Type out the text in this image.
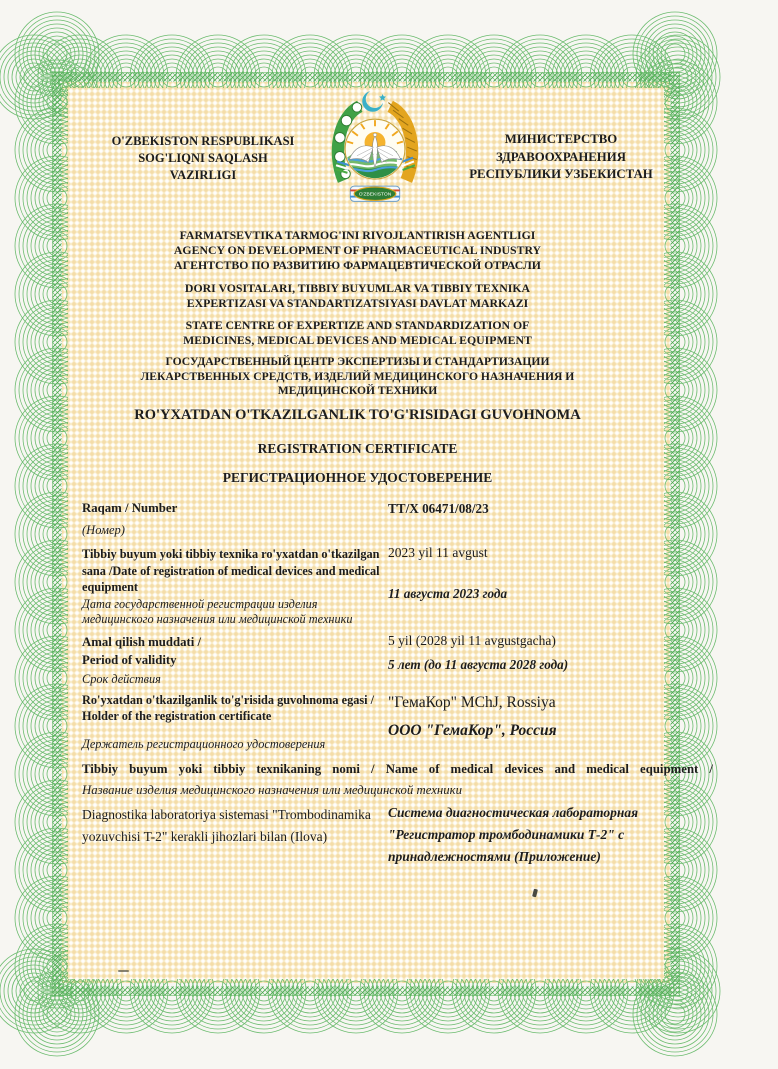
O'ZBEKISTON RESPUBLIKASI
SOG'LIQNI SAQLASH
VAZIRLIGI
O'ZBEKISTON
МИНИСТЕРСТВО
ЗДРАВООХРАНЕНИЯ
РЕСПУБЛИКИ УЗБЕКИСТАН
FARMATSEVTIKA TARMOG'INI RIVOJLANTIRISH AGENTLIGI
AGENCY ON DEVELOPMENT OF PHARMACEUTICAL INDUSTRY
АГЕНТСТВО ПО РАЗВИТИЮ ФАРМАЦЕВТИЧЕСКОЙ ОТРАСЛИ
DORI VOSITALARI, TIBBIY BUYUMLAR VA TIBBIY TEXNIKA
EXPERTIZASI VA STANDARTIZATSIYASI DAVLAT MARKAZI
STATE CENTRE OF EXPERTIZE AND STANDARDIZATION OF
MEDICINES, MEDICAL DEVICES AND MEDICAL EQUIPMENT
ГОСУДАРСТВЕННЫЙ ЦЕНТР ЭКСПЕРТИЗЫ И СТАНДАРТИЗАЦИИ
ЛЕКАРСТВЕННЫХ СРЕДСТВ, ИЗДЕЛИЙ МЕДИЦИНСКОГО НАЗНАЧЕНИЯ И
МЕДИЦИНСКОЙ ТЕХНИКИ
RO'YXATDAN O'TKAZILGANLIK TO'G'RISIDAGI GUVOHNOMA
REGISTRATION CERTIFICATE
РЕГИСТРАЦИОННОЕ УДОСТОВЕРЕНИЕ
Raqam / Number
(Номер)
TT/X 06471/08/23
Tibbiy buyum yoki tibbiy texnika ro'yxatdan o'tkazilgan sana /Date of registration of medical devices and medical equipment
Дата государственной регистрации изделия медицинского назначения или медицинской техники
2023 yil 11 avgust
11 августа 2023 года
Amal qilish muddati /
Period of validity
Срок действия
5 yil (2028 yil 11 avgustgacha)
5 лет (до 11 августа 2028 года)
Ro'yxatdan o'tkazilganlik to'g'risida guvohnoma egasi / Holder of the registration certificate
Держатель регистрационного удостоверения
"ГемаКор" MChJ, Rossiya
ООО "ГемаКор", Россия
Tibbiy buyum yoki tibbiy texnikaning nomi / Name of medical devices and medical equipment /
Название изделия медицинского назначения или медицинской техники
Diagnostika laboratoriya sistemasi "Trombodinamika yozuvchisi T-2" kerakli jihozlari bilan (Ilova)
Система диагностическая лабораторная "Регистратор тромбодинамики Т-2" с принадлежностями (Приложение)
